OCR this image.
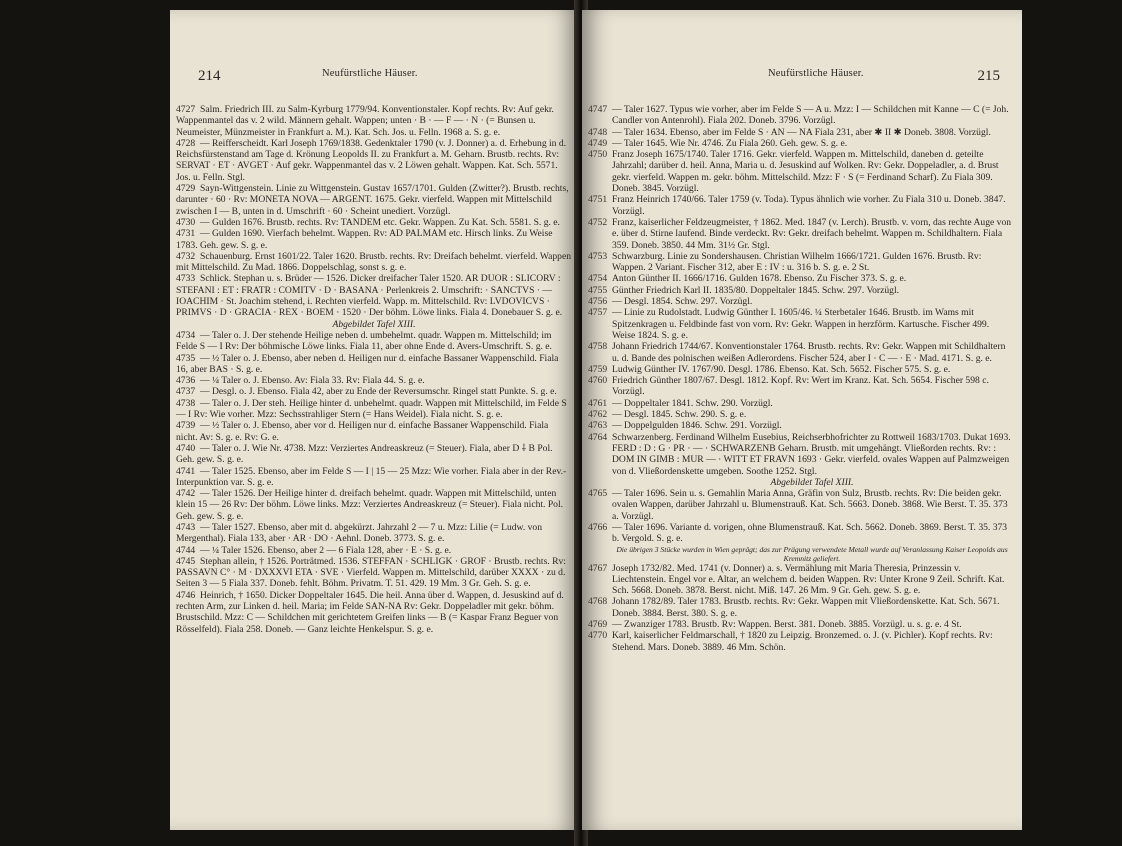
214	Neufürstliche Häuser.
4727 Salm. Friedrich III. zu Salm-Kyrburg 1779/94. Konventionstaler. Kopf rechts. Rv: Auf gekr. Wappenmantel das v. 2 wild. Männern gehalt. Wappen; unten · B · — F — · N · (= Bunsen u. Neumeister, Münzmeister in Frankfurt a. M.). Kat. Sch. Jos. u. Felln. 1968 a. S. g. e.
4728 — Reifferscheidt. Karl Joseph 1769/1838. Gedenktaler 1790 (v. J. Donner) a. d. Erhebung in d. Reichsfürstenstand am Tage d. Krönung Leopolds II. zu Frankfurt a. M. Geharn. Brustb. rechts. Rv: SERVAT · ET · AVGET · Auf gekr. Wappenmantel das v. 2 Löwen gehalt. Wappen. Kat. Sch. 5571. Jos. u. Felln. Stgl.
4729 Sayn-Wittgenstein. Linie zu Wittgenstein. Gustav 1657/1701. Gulden (Zwitter?). Brustb. rechts, darunter · 60 · Rv: MONETA NOVA — ARGENT. 1675. Gekr. vierfeld. Wappen mit Mittelschild zwischen I — B, unten in d. Umschrift · 60 · Scheint unediert. Vorzügl.
4730 — Gulden 1676. Brustb. rechts. Rv: TANDEM etc. Gekr. Wappen. Zu Kat. Sch. 5581. S. g. e.
4731 — Gulden 1690. Vierfach behelmt. Wappen. Rv: AD PALMAM etc. Hirsch links. Zu Weise 1783. Geh. gew. S. g. e.
4732 Schauenburg. Ernst 1601/22. Taler 1620. Brustb. rechts. Rv: Dreifach behelmt. vierfeld. Wappen mit Mittelschild. Zu Mad. 1866. Doppelschlag, sonst s. g. e.
4733 Schlick. Stephan u. s. Brüder — 1526. Dicker dreifacher Taler 1520. AR DUOR : SLICORV : STEFANI : ET : FRATR : COMITV · D · BASANA · Perlenkreis 2. Umschrift: · SANCTVS · — IOACHIM · St. Joachim stehend, i. Rechten vierfeld. Wapp. m. Mittelschild. Rv: LVDOVICVS · PRIMVS · D · GRACIA · REX · BOEM · 1520 · Der böhm. Löwe links. Fiala 4. Donebauer S. g. e.
Abgebildet Tafel XIII.
4734 — Taler o. J. Der stehende Heilige neben d. umbehelmt. quadr. Wappen m. Mittelschild; im Felde S — I Rv: Der böhmische Löwe links. Fiala 11, aber ohne Ende d. Avers-Umschrift. S. g. e.
4735 — ½ Taler o. J. Ebenso, aber neben d. Heiligen nur d. einfache Bassaner Wappenschild. Fiala 16, aber BAS · S. g. e.
4736 — ¼ Taler o. J. Ebenso. Av: Fiala 33. Rv: Fiala 44. S. g. e.
4737 — Desgl. o. J. Ebenso. Fiala 42, aber zu Ende der Reversumschr. Ringel statt Punkte. S. g. e.
4738 — Taler o. J. Der steh. Heilige hinter d. unbehelmt. quadr. Wappen mit Mittelschild, im Felde S — I Rv: Wie vorher. Mzz: Sechsstrahliger Stern (= Hans Weidel). Fiala nicht. S. g. e.
4739 — ½ Taler o. J. Ebenso, aber vor d. Heiligen nur d. einfache Bassaner Wappenschild. Fiala nicht. Av: S. g. e. Rv: G. e.
4740 — Taler o. J. Wie Nr. 4738. Mzz: Verziertes Andreaskreuz (= Steuer). Fiala, aber D ⸸ B Pol. Geh. gew. S. g. e.
4741 — Taler 1525. Ebenso, aber im Felde S — I | 15 — 25 Mzz: Wie vorher. Fiala aber in der Rev.-Interpunktion var. S. g. e.
4742 — Taler 1526. Der Heilige hinter d. dreifach behelmt. quadr. Wappen mit Mittelschild, unten klein 15 — 26 Rv: Der böhm. Löwe links. Mzz: Verziertes Andreaskreuz (= Steuer). Fiala nicht. Pol. Geh. gew. S. g. e.
4743 — Taler 1527. Ebenso, aber mit d. abgekürzt. Jahrzahl 2 — 7 u. Mzz: Lilie (= Ludw. von Mergenthal). Fiala 133, aber · AR · DO · Aehnl. Doneb. 3773. S. g. e.
4744 — ¼ Taler 1526. Ebenso, aber 2 — 6 Fiala 128, aber · E · S. g. e.
4745 Stephan allein, † 1526. Porträtmed. 1536. STEFFAN · SCHLIGK · GROF · Brustb. rechts. Rv: PASSAVN C° · M · DXXXVI ETA · SVE · Vierfeld. Wappen m. Mittelschild, darüber XXXX · zu d. Seiten 3 — 5 Fiala 337. Doneb. fehlt. Böhm. Privatm. T. 51. 429. 19 Mm. 3 Gr. Geh. S. g. e.
4746 Heinrich, † 1650. Dicker Doppeltaler 1645. Die heil. Anna über d. Wappen, d. Jesuskind auf d. rechten Arm, zur Linken d. heil. Maria; im Felde SAN-NA Rv: Gekr. Doppeladler mit gekr. böhm. Brustschild. Mzz: C — Schildchen mit gerichtetem Greifen links — B (= Kaspar Franz Beguer von Rösselfeld). Fiala 258. Doneb. — Ganz leichte Henkelspur. S. g. e.
215
Neufürstliche Häuser.
4747 — Taler 1627. Typus wie vorher, aber im Felde S — A u. Mzz: I — Schildchen mit Kanne — C (= Joh. Candler von Antenrohl). Fiala 202. Doneb. 3796. Vorzügl.
4748 — Taler 1634. Ebenso, aber im Felde S · AN — NA Fiala 231, aber ✱ II ✱ Doneb. 3808. Vorzügl.
4749 — Taler 1645. Wie Nr. 4746. Zu Fiala 260. Geh. gew. S. g. e.
4750 Franz Joseph 1675/1740. Taler 1716. Gekr. vierfeld. Wappen m. Mittelschild, daneben d. geteilte Jahrzahl; darüber d. heil. Anna, Maria u. d. Jesuskind auf Wolken. Rv: Gekr. Doppeladler, a. d. Brust gekr. vierfeld. Wappen m. gekr. böhm. Mittelschild. Mzz: F · S (= Ferdinand Scharf). Zu Fiala 309. Doneb. 3845. Vorzügl.
4751 Franz Heinrich 1740/66. Taler 1759 (v. Toda). Typus ähnlich wie vorher. Zu Fiala 310 u. Doneb. 3847. Vorzügl.
4752 Franz, kaiserlicher Feldzeugmeister, † 1862. Med. 1847 (v. Lerch). Brustb. v. vorn, das rechte Auge von e. über d. Stirne laufend. Binde verdeckt. Rv: Gekr. dreifach behelmt. Wappen m. Schildhaltern. Fiala 359. Doneb. 3850. 44 Mm. 31½ Gr. Stgl.
4753 Schwarzburg. Linie zu Sondershausen. Christian Wilhelm 1666/1721. Gulden 1676. Brustb. Rv: Wappen. 2 Variant. Fischer 312, aber E : IV : u. 316 b. S. g. e. 2 St.
4754 Anton Günther II. 1666/1716. Gulden 1678. Ebenso. Zu Fischer 373. S. g. e.
4755 Günther Friedrich Karl II. 1835/80. Doppeltaler 1845. Schw. 297. Vorzügl.
4756 — Desgl. 1854. Schw. 297. Vorzügl.
4757 — Linie zu Rudolstadt. Ludwig Günther I. 1605/46. ¼ Sterbetaler 1646. Brustb. im Wams mit Spitzenkragen u. Feldbinde fast von vorn. Rv: Gekr. Wappen in herzförm. Kartusche. Fischer 499. Weise 1824. S. g. e.
4758 Johann Friedrich 1744/67. Konventionstaler 1764. Brustb. rechts. Rv: Gekr. Wappen mit Schildhaltern u. d. Bande des polnischen weißen Adlerordens. Fischer 524, aber I · C — · E · Mad. 4171. S. g. e.
4759 Ludwig Günther IV. 1767/90. Desgl. 1786. Ebenso. Kat. Sch. 5652. Fischer 575. S. g. e.
4760 Friedrich Günther 1807/67. Desgl. 1812. Kopf. Rv: Wert im Kranz. Kat. Sch. 5654. Fischer 598 c. Vorzügl.
4761 — Doppeltaler 1841. Schw. 290. Vorzügl.
4762 — Desgl. 1845. Schw. 290. S. g. e.
4763 — Doppelgulden 1846. Schw. 291. Vorzügl.
4764 Schwarzenberg. Ferdinand Wilhelm Eusebius, Reichserbhofrichter zu Rottweil 1683/1703. Dukat 1693. FERD : D : G · PR · — · SCHWARZENB Geharn. Brustb. mit umgehängt. Vließorden rechts. Rv: : DOM IN GIMB : MUR — · WITT ET FRAVN 1693 · Gekr. vierfeld. ovales Wappen auf Palmzweigen von d. Vließordenskette umgeben. Soothe 1252. Stgl.
Abgebildet Tafel XIII.
4765 — Taler 1696. Sein u. s. Gemahlin Maria Anna, Gräfin von Sulz, Brustb. rechts. Rv: Die beiden gekr. ovalen Wappen, darüber Jahrzahl u. Blumenstrauß. Kat. Sch. 5663. Doneb. 3868. Wie Berst. T. 35. 373 a. Vorzügl.
4766 — Taler 1696. Variante d. vorigen, ohne Blumenstrauß. Kat. Sch. 5662. Doneb. 3869. Berst. T. 35. 373 b. Vergold. S. g. e.
Die übrigen 3 Stücke wurden in Wien geprägt; das zur Prägung verwendete Metall wurde auf Veranlassung Kaiser Leopolds aus Kremnitz geliefert.
4767 Joseph 1732/82. Med. 1741 (v. Donner) a. s. Vermählung mit Maria Theresia, Prinzessin v. Liechtenstein. Engel vor e. Altar, an welchem d. beiden Wappen. Rv: Unter Krone 9 Zeil. Schrift. Kat. Sch. 5668. Doneb. 3878. Berst. nicht. Miß. 147. 26 Mm. 9 Gr. Geh. gew. S. g. e.
4768 Johann 1782/89. Taler 1783. Brustb. rechts. Rv: Gekr. Wappen mit Vließordenskette. Kat. Sch. 5671. Doneb. 3884. Berst. 380. S. g. e.
4769 — Zwanziger 1783. Brustb. Rv: Wappen. Berst. 381. Doneb. 3885. Vorzügl. u. s. g. e. 4 St.
4770 Karl, kaiserlicher Feldmarschall, † 1820 zu Leipzig. Bronzemed. o. J. (v. Pichler). Kopf rechts. Rv: Stehend. Mars. Doneb. 3889. 46 Mm. Schön.
